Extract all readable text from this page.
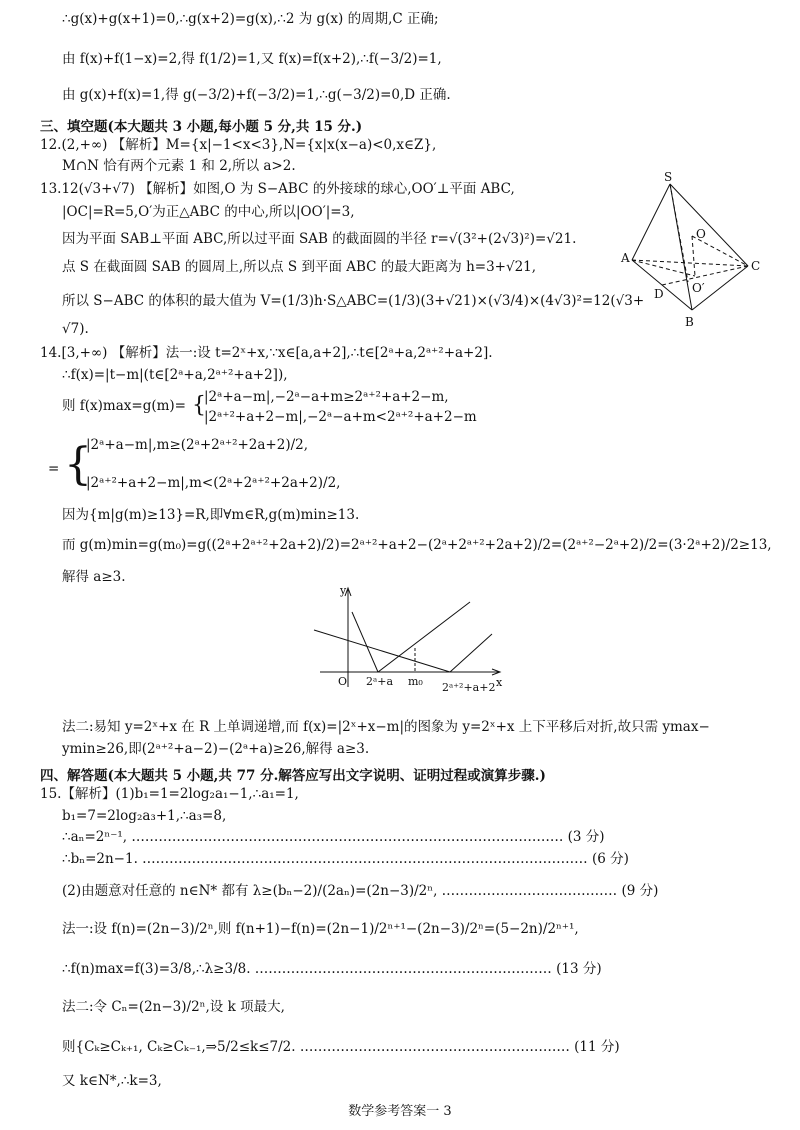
∴g(x)+g(x+1)=0,∴g(x+2)=g(x),∴2 为 g(x) 的周期,C 正确;
由 f(x)+f(1−x)=2,得 f(1/2)=1,又 f(x)=f(x+2),∴f(−3/2)=1,
由 g(x)+f(x)=1,得 g(−3/2)+f(−3/2)=1,∴g(−3/2)=0,D 正确.
三、填空题(本大题共 3 小题,每小题 5 分,共 15 分.)
12.(2,+∞) 【解析】M={x|−1<x<3},N={x|x(x−a)<0,x∈Z},
M∩N 恰有两个元素 1 和 2,所以 a>2.
13.12(√3+√7) 【解析】如图,O 为 S−ABC 的外接球的球心,OO′⊥平面 ABC,
|OC|=R=5,O′为正△ABC 的中心,所以|OO′|=3,
因为平面 SAB⊥平面 ABC,所以过平面 SAB 的截面圆的半径 r=√(3²+(2√3)²)=√21.
点 S 在截面圆 SAB 的圆周上,所以点 S 到平面 ABC 的最大距离为 h=3+√21,
所以 S−ABC 的体积的最大值为 V=(1/3)h·S△ABC=(1/3)(3+√21)×(√3/4)×(4√3)²=12(√3+
√7).
S
O
A
C
D O′
B
14.[3,+∞) 【解析】法一:设 t=2ˣ+x,∵x∈[a,a+2],∴t∈[2ᵃ+a,2ᵃ⁺²+a+2].
∴f(x)=|t−m|(t∈[2ᵃ+a,2ᵃ⁺²+a+2]),
则 f(x)max=g(m)= {
|2ᵃ+a−m|,−2ᵃ−a+m≥2ᵃ⁺²+a+2−m,
|2ᵃ⁺²+a+2−m|,−2ᵃ−a+m<2ᵃ⁺²+a+2−m
= {
|2ᵃ+a−m|,m≥(2ᵃ+2ᵃ⁺²+2a+2)/2,
|2ᵃ⁺²+a+2−m|,m<(2ᵃ+2ᵃ⁺²+2a+2)/2,
因为{m|g(m)≥13}=R,即∀m∈R,g(m)min≥13.
而 g(m)min=g(m₀)=g((2ᵃ+2ᵃ⁺²+2a+2)/2)=2ᵃ⁺²+a+2−(2ᵃ+2ᵃ⁺²+2a+2)/2=(2ᵃ⁺²−2ᵃ+2)/2=(3·2ᵃ+2)/2≥13,
解得 a≥3.
y
x
O 2ᵃ+a m₀ 2ᵃ⁺²+a+2
法二:易知 y=2ˣ+x 在 R 上单调递增,而 f(x)=|2ˣ+x−m|的图象为 y=2ˣ+x 上下平移后对折,故只需 ymax−
ymin≥26,即(2ᵃ⁺²+a−2)−(2ᵃ+a)≥26,解得 a≥3.
四、解答题(本大题共 5 小题,共 77 分.解答应写出文字说明、证明过程或演算步骤.)
15.【解析】(1)b₁=1=2log₂a₁−1,∴a₁=1,
b₁=7=2log₂a₃+1,∴a₃=8,
∴aₙ=2ⁿ⁻¹, …………………………………………………………………………………… (3 分)
∴bₙ=2n−1. ……………………………………………………………………………………… (6 分)
(2)由题意对任意的 n∈N* 都有 λ≥(bₙ−2)/(2aₙ)=(2n−3)/2ⁿ, ………………………………… (9 分)
法一:设 f(n)=(2n−3)/2ⁿ,则 f(n+1)−f(n)=(2n−1)/2ⁿ⁺¹−(2n−3)/2ⁿ=(5−2n)/2ⁿ⁺¹,
∴f(n)max=f(3)=3/8,∴λ≥3/8. ………………………………………………………… (13 分)
法二:令 Cₙ=(2n−3)/2ⁿ,设 k 项最大,
则{Cₖ≥Cₖ₊₁, Cₖ≥Cₖ₋₁,⇒5/2≤k≤7/2. …………………………………………………… (11 分)
又 k∈N*,∴k=3,
数学参考答案一 3
